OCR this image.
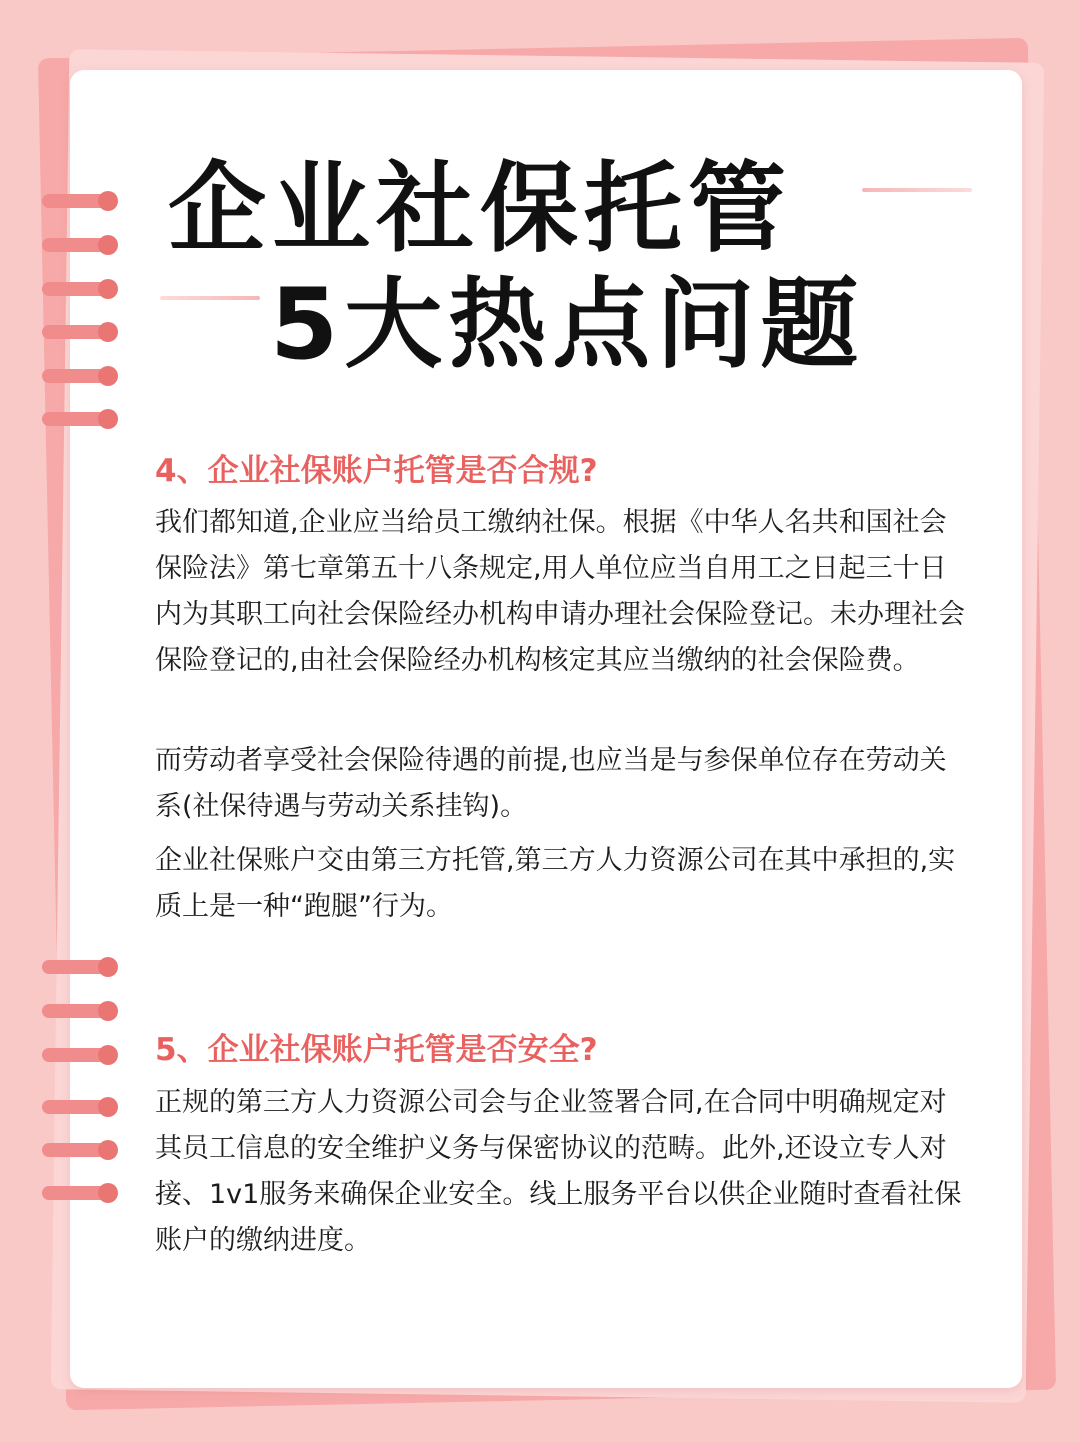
企业社保托管
5大热点问题
4、企业社保账户托管是否合规?

我们都知道,企业应当给员工缴纳社保。根据《中华人名共和国社会保险法》第七章第五十八条规定,用人单位应当自用工之日起三十日内为其职工向社会保险经办机构申请办理社会保险登记。未办理社会保险登记的,由社会保险经办机构核定其应当缴纳的社会保险费。

而劳动者享受社会保险待遇的前提,也应当是与参保单位存在劳动关系(社保待遇与劳动关系挂钩)。

企业社保账户交由第三方托管,第三方人力资源公司在其中承担的,实质上是一种“跑腿”行为。

5、企业社保账户托管是否安全?

正规的第三方人力资源公司会与企业签署合同,在合同中明确规定对其员工信息的安全维护义务与保密协议的范畴。此外,还设立专人对接、1v1服务来确保企业安全。线上服务平台以供企业随时查看社保账户的缴纳进度。
